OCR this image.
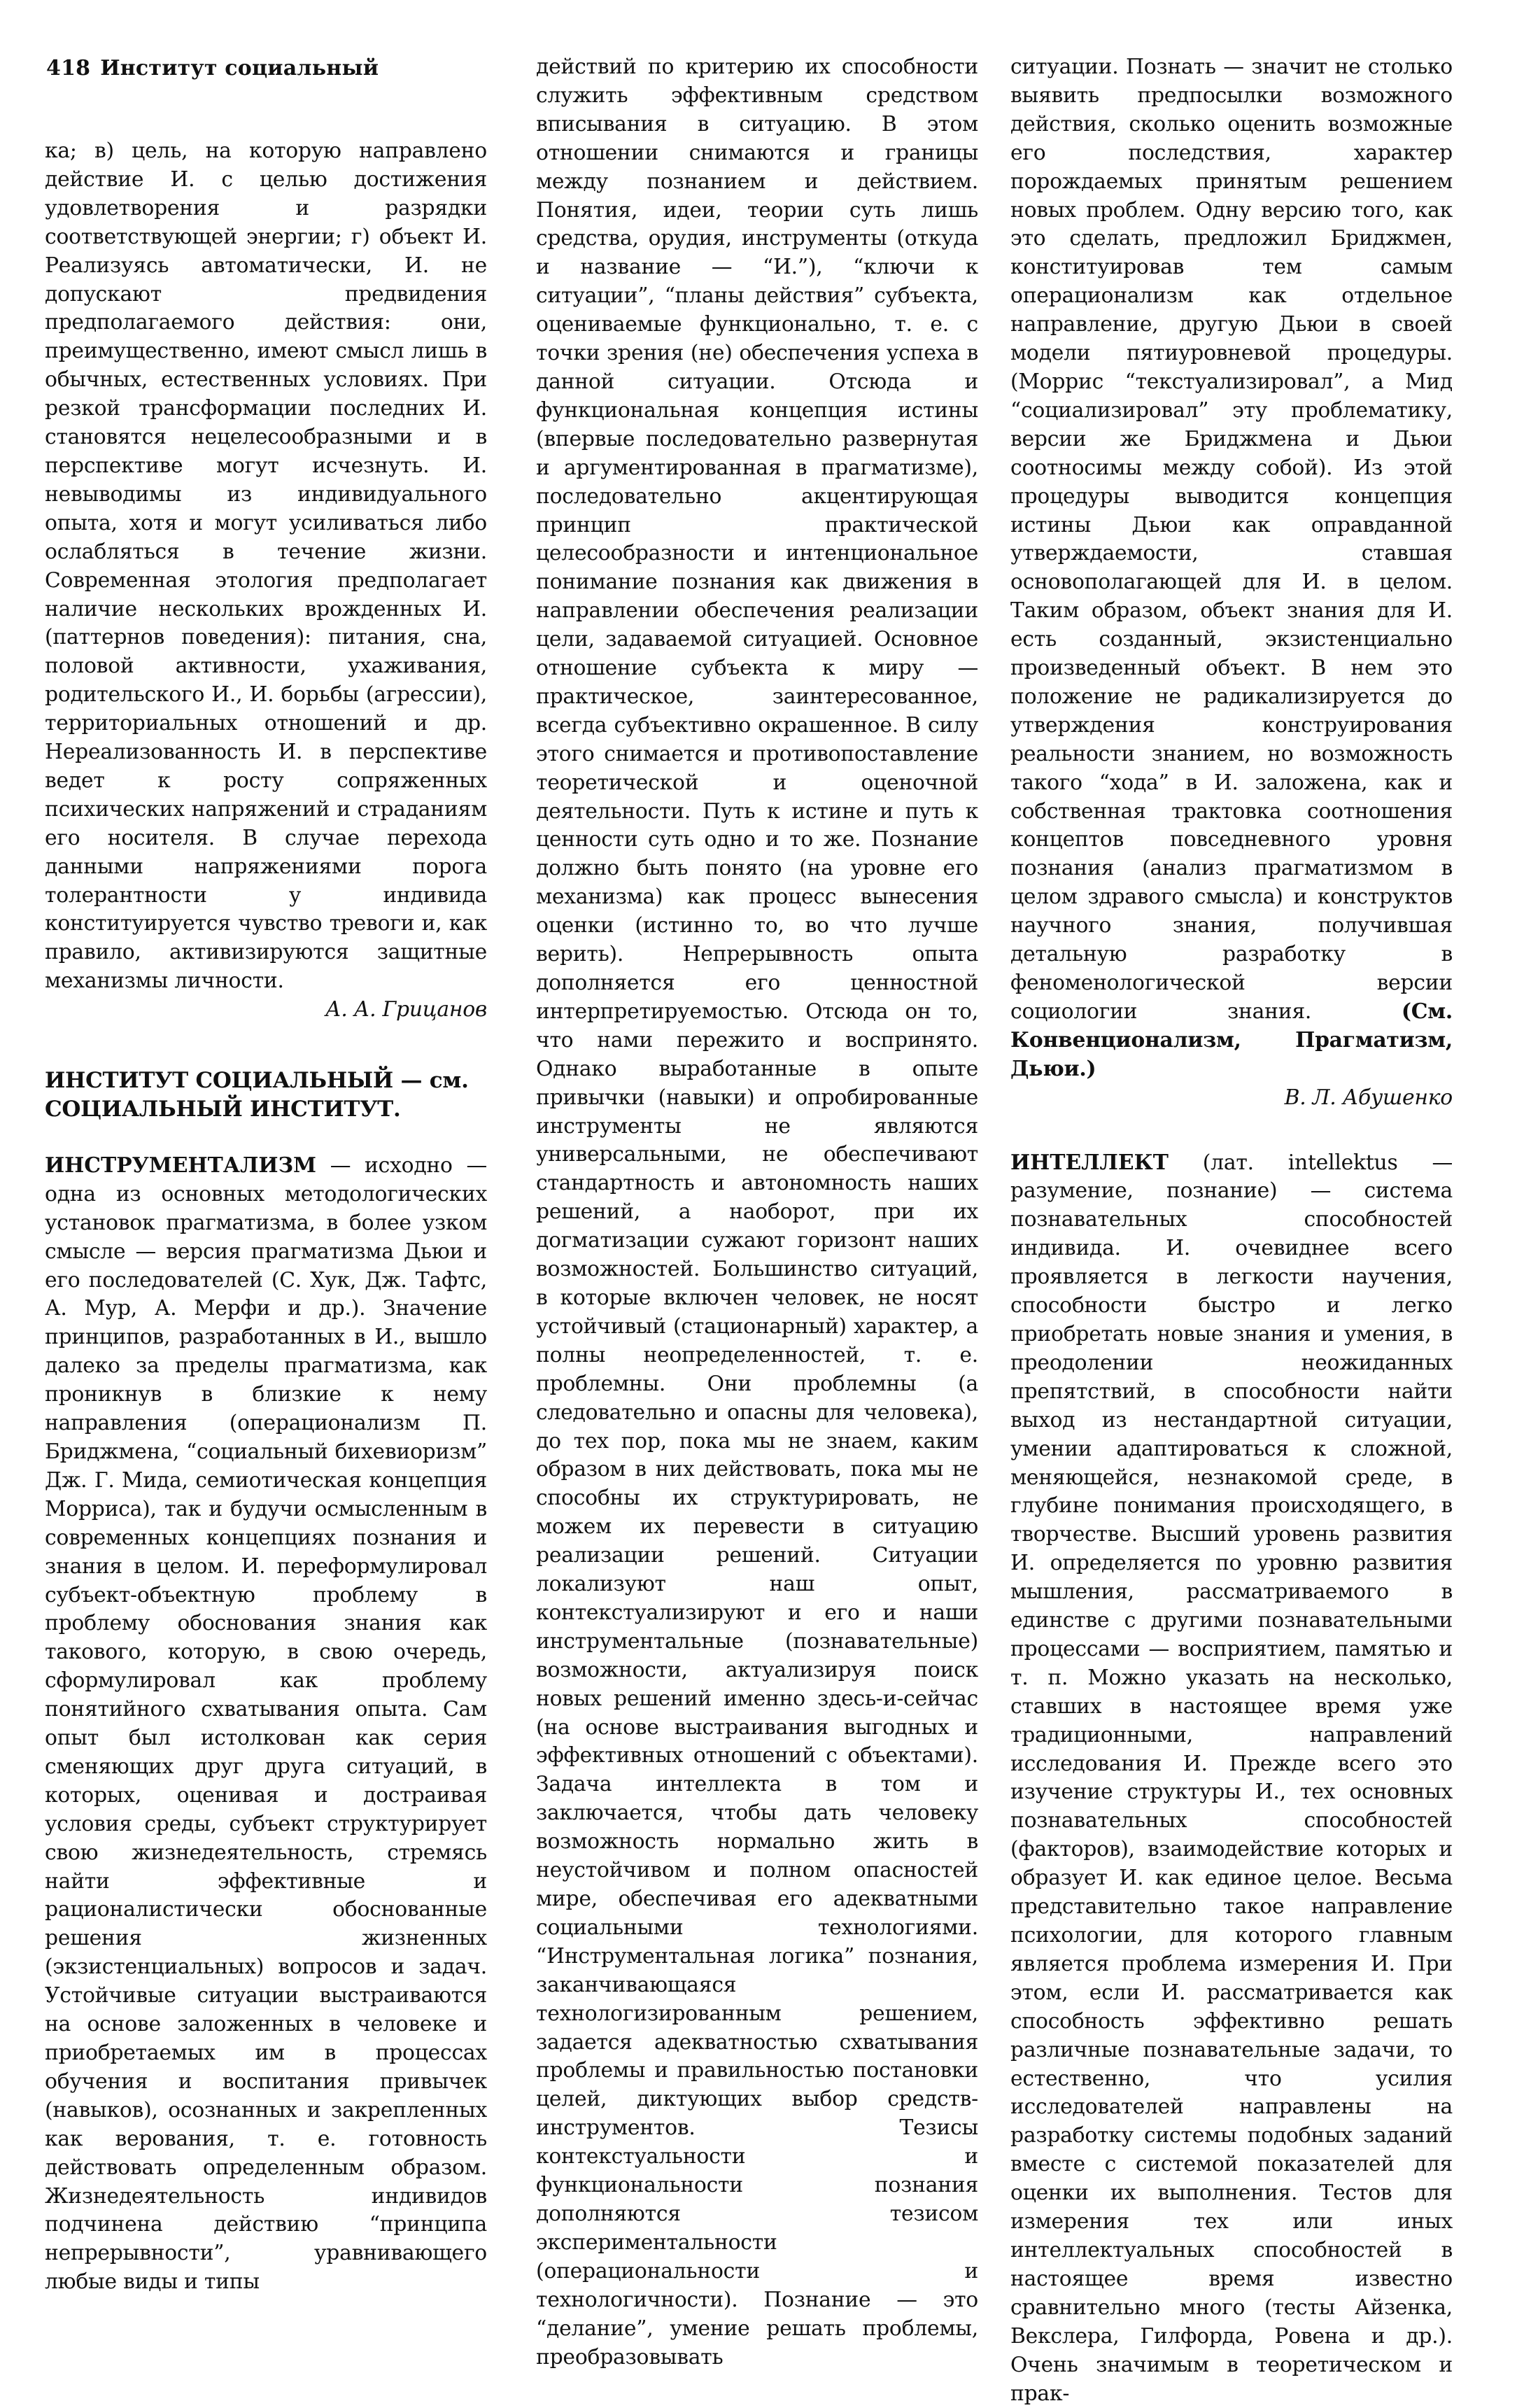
418 Институт социальный

ка; в) цель, на которую направлено действие И. с целью достижения удовлетворения и разрядки соответствующей энергии; г) объект И. Реализуясь автоматически, И. не допускают предвидения предполагаемого действия: они, преимущественно, имеют смысл лишь в обычных, естественных условиях. При резкой трансформации последних И. становятся нецелесообразными и в перспективе могут исчезнуть. И. невыводимы из индивидуального опыта, хотя и могут усиливаться либо ослабляться в течение жизни. Современная этология предполагает наличие нескольких врожденных И. (паттернов поведения): питания, сна, половой активности, ухаживания, родительского И., И. борьбы (агрессии), территориальных отношений и др. Нереализованность И. в перспективе ведет к росту сопряженных психических напряжений и страданиям его носителя. В случае перехода данными напряжениями порога толерантности у индивида конституируется чувство тревоги и, как правило, активизируются защитные механизмы личности.

А. А. Грицанов

ИНСТИТУТ СОЦИАЛЬНЫЙ — см. СОЦИАЛЬНЫЙ ИНСТИТУТ.

ИНСТРУМЕНТАЛИЗМ — исходно — одна из основных методологических установок прагматизма, в более узком смысле — версия прагматизма Дьюи и его последователей (С. Хук, Дж. Тафтс, А. Мур, А. Мерфи и др.). Значение принципов, разработанных в И., вышло далеко за пределы прагматизма, как проникнув в близкие к нему направления (операционализм П. Бриджмена, “социальный бихевиоризм” Дж. Г. Мида, семиотическая концепция Морриса), так и будучи осмысленным в современных концепциях познания и знания в целом. И. переформулировал субъект-объектную проблему в проблему обоснования знания как такового, которую, в свою очередь, сформулировал как проблему понятийного схватывания опыта. Сам опыт был истолкован как серия сменяющих друг друга ситуаций, в которых, оценивая и достраивая условия среды, субъект структурирует свою жизнедеятельность, стремясь найти эффективные и рационалистически обоснованные решения жизненных (экзистенциальных) вопросов и задач. Устойчивые ситуации выстраиваются на основе заложенных в человеке и приобретаемых им в процессах обучения и воспитания привычек (навыков), осознанных и закрепленных как верования, т. е. готовность действовать определенным образом. Жизнедеятельность индивидов подчинена действию “принципа непрерывности”, уравнивающего любые виды и типы

действий по критерию их способности служить эффективным средством вписывания в ситуацию. В этом отношении снимаются и границы между познанием и действием. Понятия, идеи, теории суть лишь средства, орудия, инструменты (откуда и название — “И.”), “ключи к ситуации”, “планы действия” субъекта, оцениваемые функционально, т. е. с точки зрения (не) обеспечения успеха в данной ситуации. Отсюда и функциональная концепция истины (впервые последовательно развернутая и аргументированная в прагматизме), последовательно акцентирующая принцип практической целесообразности и интенциональное понимание познания как движения в направлении обеспечения реализации цели, задаваемой ситуацией. Основное отношение субъекта к миру — практическое, заинтересованное, всегда субъективно окрашенное. В силу этого снимается и противопоставление теоретической и оценочной деятельности. Путь к истине и путь к ценности суть одно и то же. Познание должно быть понято (на уровне его механизма) как процесс вынесения оценки (истинно то, во что лучше верить). Непрерывность опыта дополняется его ценностной интерпретируемостью. Отсюда он то, что нами пережито и воспринято. Однако выработанные в опыте привычки (навыки) и опробированные инструменты не являются универсальными, не обеспечивают стандартность и автономность наших решений, а наоборот, при их догматизации сужают горизонт наших возможностей. Большинство ситуаций, в которые включен человек, не носят устойчивый (стационарный) характер, а полны неопределенностей, т. е. проблемны. Они проблемны (а следовательно и опасны для человека), до тех пор, пока мы не знаем, каким образом в них действовать, пока мы не способны их структурировать, не можем их перевести в ситуацию реализации решений. Ситуации локализуют наш опыт, контекстуализируют и его и наши инструментальные (познавательные) возможности, актуализируя поиск новых решений именно здесь-и-сейчас (на основе выстраивания выгодных и эффективных отношений с объектами). Задача интеллекта в том и заключается, чтобы дать человеку возможность нормально жить в неустойчивом и полном опасностей мире, обеспечивая его адекватными социальными технологиями. “Инструментальная логика” познания, заканчивающаяся технологизированным решением, задается адекватностью схватывания проблемы и правильностью постановки целей, диктующих выбор средств-инструментов. Тезисы контекстуальности и функциональности познания дополняются тезисом экспериментальности (операциональности и технологичности). Познание — это “делание”, умение решать проблемы, преобразовывать

ситуации. Познать — значит не столько выявить предпосылки возможного действия, сколько оценить возможные его последствия, характер порождаемых принятым решением новых проблем. Одну версию того, как это сделать, предложил Бриджмен, конституировав тем самым операционализм как отдельное направление, другую Дьюи в своей модели пятиуровневой процедуры. (Моррис “текстуализировал”, а Мид “социализировал” эту проблематику, версии же Бриджмена и Дьюи соотносимы между собой). Из этой процедуры выводится концепция истины Дьюи как оправданной утверждаемости, ставшая основополагающей для И. в целом. Таким образом, объект знания для И. есть созданный, экзистенциально произведенный объект. В нем это положение не радикализируется до утверждения конструирования реальности знанием, но возможность такого “хода” в И. заложена, как и собственная трактовка соотношения концептов повседневного уровня познания (анализ прагматизмом в целом здравого смысла) и конструктов научного знания, получившая детальную разработку в феноменологической версии социологии знания. (См. Конвенционализм, Прагматизм, Дьюи.)

В. Л. Абушенко

ИНТЕЛЛЕКТ (лат. intellektus — разумение, познание) — система познавательных способностей индивида. И. очевиднее всего проявляется в легкости научения, способности быстро и легко приобретать новые знания и умения, в преодолении неожиданных препятствий, в способности найти выход из нестандартной ситуации, умении адаптироваться к сложной, меняющейся, незнакомой среде, в глубине понимания происходящего, в творчестве. Высший уровень развития И. определяется по уровню развития мышления, рассматриваемого в единстве с другими познавательными процессами — восприятием, памятью и т. п. Можно указать на несколько, ставших в настоящее время уже традиционными, направлений исследования И. Прежде всего это изучение структуры И., тех основных познавательных способностей (факторов), взаимодействие которых и образует И. как единое целое. Весьма представительно такое направление психологии, для которого главным является проблема измерения И. При этом, если И. рассматривается как способность эффективно решать различные познавательные задачи, то естественно, что усилия исследователей направлены на разработку системы подобных заданий вместе с системой показателей для оценки их выполнения. Тестов для измерения тех или иных интеллектуальных способностей в настоящее время известно сравнительно много (тесты Айзенка, Векслера, Гилфорда, Ровена и др.). Очень значимым в теоретическом и прак-
